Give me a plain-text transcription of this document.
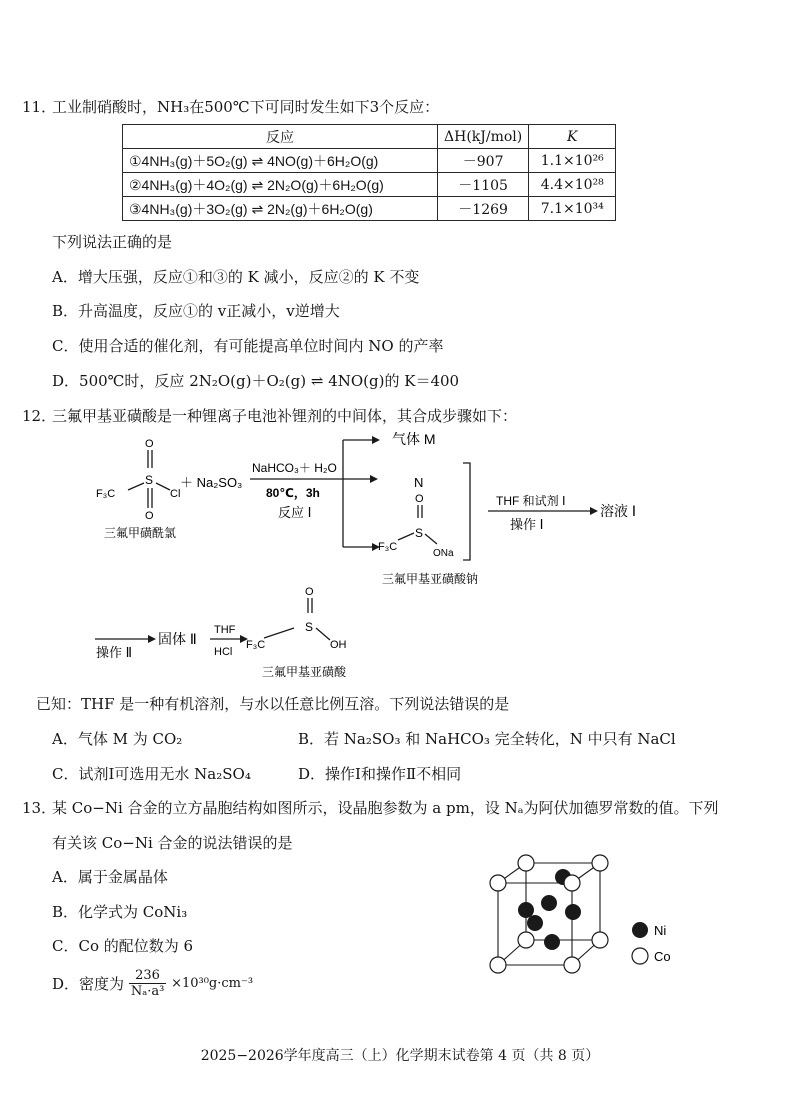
11．
工业制硝酸时，NH₃在500℃下可同时发生如下3个反应：
反应	ΔH(kJ/mol)	K
①4NH₃(g)＋5O₂(g) ⇌ 4NO(g)＋6H₂O(g)	－907	1.1×10²⁶
②4NH₃(g)＋4O₂(g) ⇌ 2N₂O(g)＋6H₂O(g)	－1105	4.4×10²⁸
③4NH₃(g)＋3O₂(g) ⇌ 2N₂(g)＋6H₂O(g)	－1269	7.1×10³⁴
下列说法正确的是
A．增大压强，反应①和③的 K 减小，反应②的 K 不变
B．升高温度，反应①的 v正减小，v逆增大
C．使用合适的催化剂，有可能提高单位时间内 NO 的产率
D．500℃时，反应 2N₂O(g)＋O₂(g) ⇌ 4NO(g)的 K＝400
12．
三氟甲基亚磺酸是一种锂离子电池补锂剂的中间体，其合成步骤如下：
O
S
O
F₃C	Cl
＋ Na₂SO₃
三氟甲磺酰氯
NaHCO₃＋ H₂O
80℃，3h
反应 Ⅰ
气体 M
N
O
S
F₃C
ONa
三氟甲基亚磺酸钠
THF 和试剂 Ⅰ
操作 Ⅰ
溶液 Ⅰ
操作 Ⅱ
固体 Ⅱ
THF
HCl
O
S
F₃C	OH
三氟甲基亚磺酸
已知：THF 是一种有机溶剂，与水以任意比例互溶。下列说法错误的是
A．气体 M 为 CO₂	B．若 Na₂SO₃ 和 NaHCO₃ 完全转化，N 中只有 NaCl
C．试剂Ⅰ可选用无水 Na₂SO₄	D．操作Ⅰ和操作Ⅱ不相同
13．
某 Co−Ni 合金的立方晶胞结构如图所示，设晶胞参数为 a pm，设 Nₐ为阿伏加德罗常数的值。下列
有关该 Co−Ni 合金的说法错误的是
A．属于金属晶体
B．化学式为 CoNi₃
C．Co 的配位数为 6
D．密度为 $\frac{236}{\text{Nₐ·a³}} \times 10^{30}g\cdot cm^{-3}$
Ni
Co
2025−2026学年度高三（上）化学期末试卷第 4 页（共 8 页）
